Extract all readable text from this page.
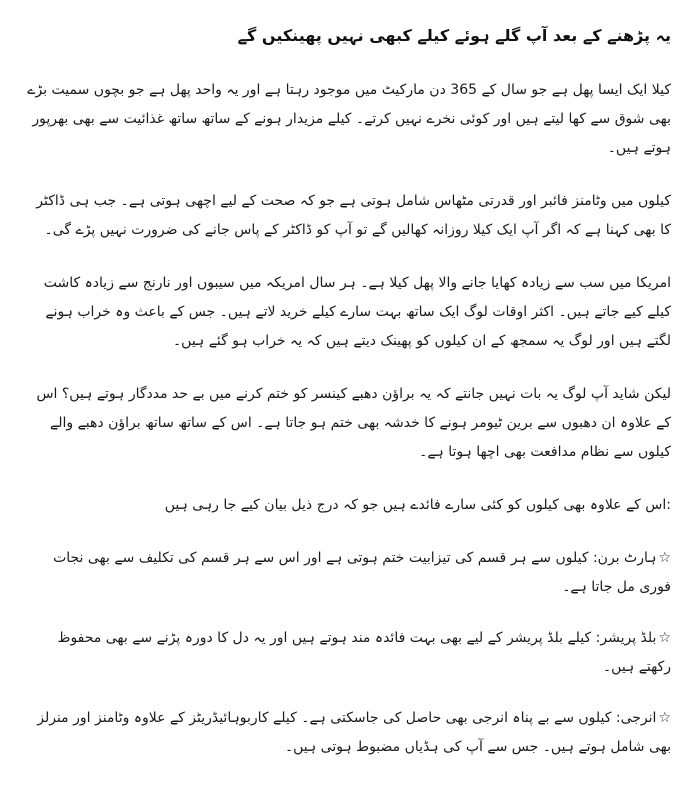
یہ پڑھنے کے بعد آپ گلے ہوئے کیلے کبھی نہیں پھینکیں گے

کیلا ایک ایسا پھل ہے جو سال کے 365 دن مارکیٹ میں موجود رہتا ہے اور یہ واحد پھل ہے جو بچوں سمیت بڑے بھی شوق سے کھا لیتے ہیں اور کوئی نخرے نہیں کرتے۔ کیلے مزیدار ہونے کے ساتھ ساتھ غذائیت سے بھی بھرپور ہوتے ہیں۔

کیلوں میں وٹامنز فائبر اور قدرتی مٹھاس شامل ہوتی ہے جو کہ صحت کے لیے اچھی ہوتی ہے۔ جب ہی ڈاکٹر کا بھی کہنا ہے کہ اگر آپ ایک کیلا روزانہ کھالیں گے تو آپ کو ڈاکٹر کے پاس جانے کی ضرورت نہیں پڑے گی۔

امریکا میں سب سے زیادہ کھایا جانے والا پھل کیلا ہے۔ ہر سال امریکہ میں سیبوں اور نارنج سے زیادہ کاشت کیلے کیے جاتے ہیں۔ اکثر اوقات لوگ ایک ساتھ بہت سارے کیلے خرید لاتے ہیں۔ جس کے باعث وہ خراب ہونے لگتے ہیں اور لوگ یہ سمجھ کے ان کیلوں کو پھینک دیتے ہیں کہ یہ خراب ہو گئے ہیں۔

لیکن شاید آپ لوگ یہ بات نہیں جانتے کہ یہ براؤن دھبے کینسر کو ختم کرنے میں بے حد مددگار ہوتے ہیں؟ اس کے علاوہ ان دھبوں سے برین ٹیومر ہونے کا خدشہ بھی ختم ہو جاتا ہے۔ اس کے ساتھ ساتھ براؤن دھبے والے کیلوں سے نظام مدافعت بھی اچھا ہوتا ہے۔

:اس کے علاوہ بھی کیلوں کو کئی سارے فائدے ہیں جو کہ درج ذیل بیان کیے جا رہی ہیں

☆ہارٹ برن: کیلوں سے ہر قسم کی تیزابیت ختم ہوتی ہے اور اس سے ہر قسم کی تکلیف سے بھی نجات فوری مل جاتا ہے۔
☆بلڈ پریشر: کیلے بلڈ پریشر کے لیے بھی بہت فائدہ مند ہوتے ہیں اور یہ دل کا دورہ پڑنے سے بھی محفوظ رکھتے ہیں۔
☆انرجی: کیلوں سے بے پناہ انرجی بھی حاصل کی جاسکتی ہے۔ کیلے کاربوہائیڈریٹز کے علاوہ وٹامنز اور منرلز بھی شامل ہوتے ہیں۔ جس سے آپ کی ہڈیاں مضبوط ہوتی ہیں۔
